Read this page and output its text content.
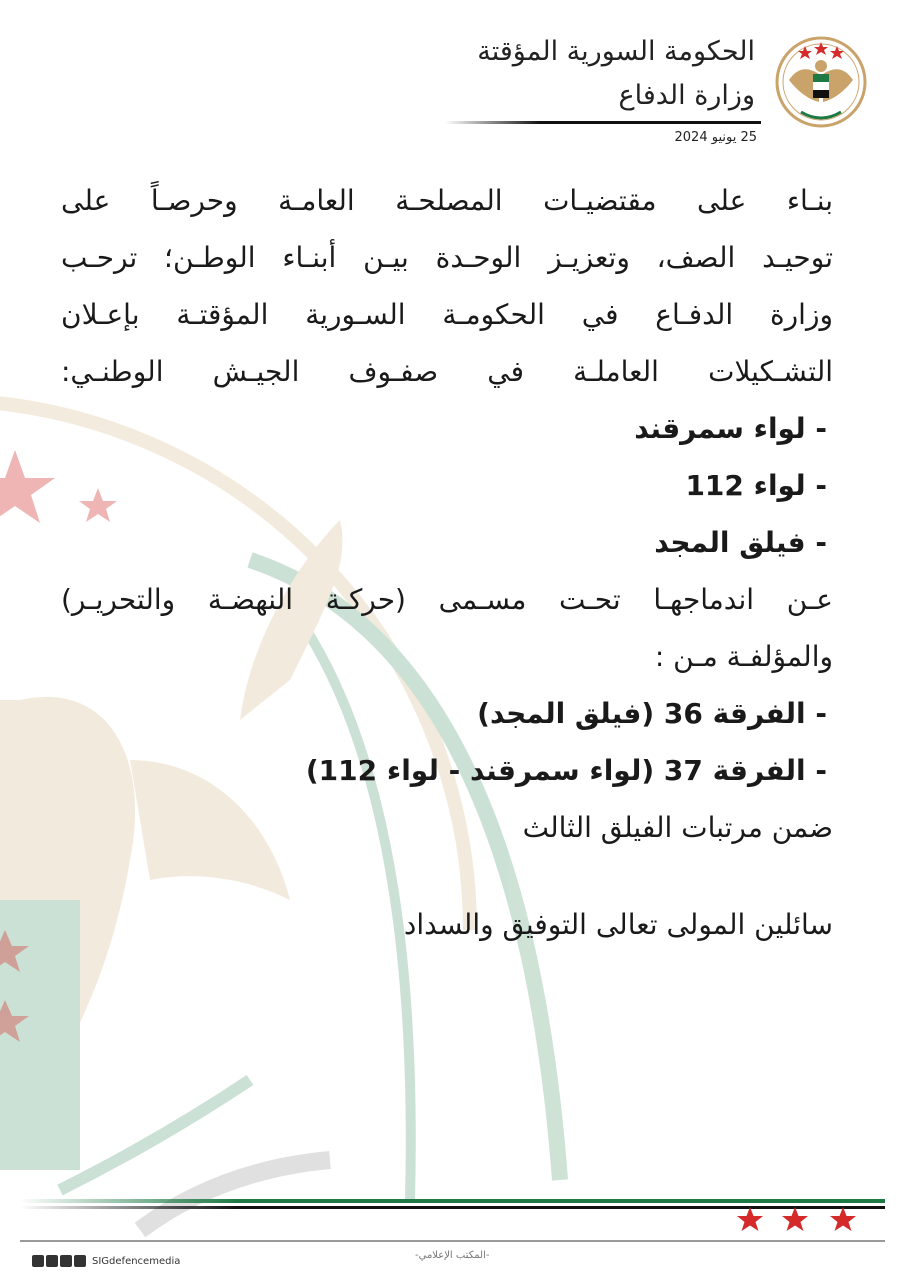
الحكومة السورية المؤقتة
وزارة الدفاع
25 يونيو 2024

بنـاء على مقتضيـات المصلحـة العامـة وحرصـاً على

توحيـد الصف، وتعزيـز الوحـدة بيـن أبنـاء الوطـن؛ ترحـب

وزارة الدفـاع في الحكومـة السـورية المؤقتـة بإعـلان

التشـكيلات العاملـة في صفـوف الجيـش الوطنـي:

- لواء سمرقند

- لواء 112

- فيلق المجد

عـن اندماجهـا تحـت مسـمى (حركـة النهضـة والتحريـر)

والمؤلفـة مـن :

- الفرقة 36 (فيلق المجد)

- الفرقة 37 (لواء سمرقند - لواء 112)

ضمن مرتبات الفيلق الثالث

سائلين المولى تعالى التوفيق والسداد

SIGdefencemedia	-المكتب الإعلامي-
